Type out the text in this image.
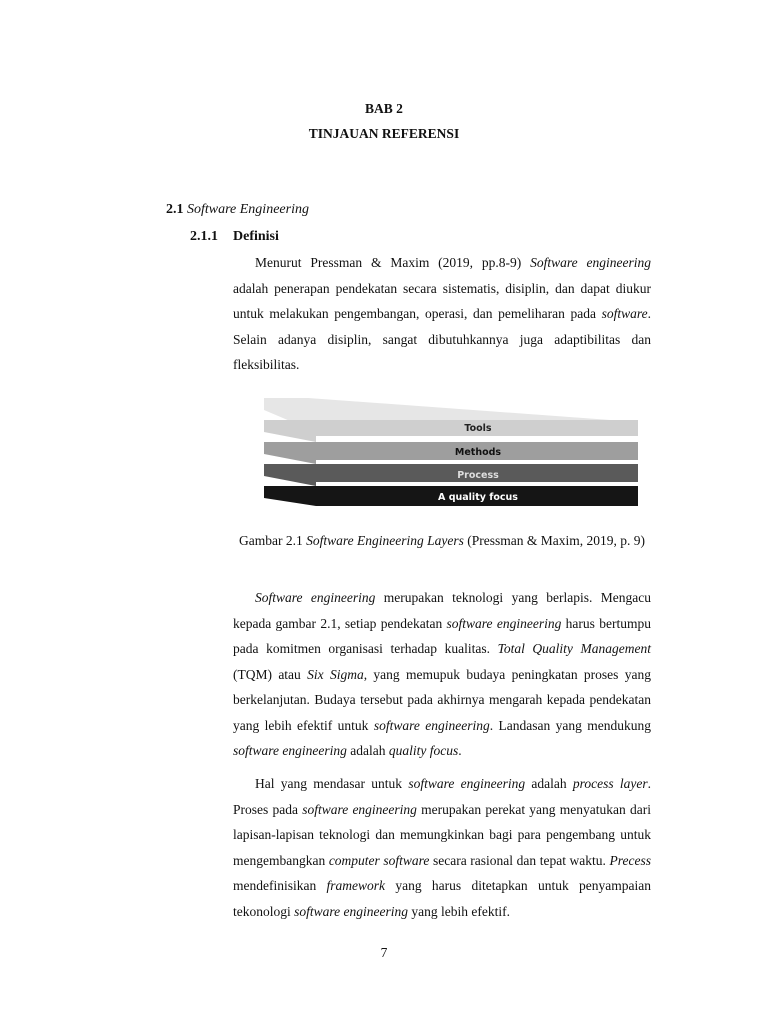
BAB 2
TINJAUAN REFERENSI
2.1 Software Engineering
2.1.1 Definisi
Menurut Pressman & Maxim (2019, pp.8-9) Software engineering adalah penerapan pendekatan secara sistematis, disiplin, dan dapat diukur untuk melakukan pengembangan, operasi, dan pemeliharan pada software. Selain adanya disiplin, sangat dibutuhkannya juga adaptibilitas dan fleksibilitas.
Tools
Methods
Process
A quality focus
Gambar 2.1 Software Engineering Layers (Pressman & Maxim, 2019, p. 9)
Software engineering merupakan teknologi yang berlapis. Mengacu kepada gambar 2.1, setiap pendekatan software engineering harus bertumpu pada komitmen organisasi terhadap kualitas. Total Quality Management (TQM) atau Six Sigma, yang memupuk budaya peningkatan proses yang berkelanjutan. Budaya tersebut pada akhirnya mengarah kepada pendekatan yang lebih efektif untuk software engineering. Landasan yang mendukung software engineering adalah quality focus.
Hal yang mendasar untuk software engineering adalah process layer. Proses pada software engineering merupakan perekat yang menyatukan dari lapisan-lapisan teknologi dan memungkinkan bagi para pengembang untuk mengembangkan computer software secara rasional dan tepat waktu. Precess mendefinisikan framework yang harus ditetapkan untuk penyampaian tekonologi software engineering yang lebih efektif.
7
